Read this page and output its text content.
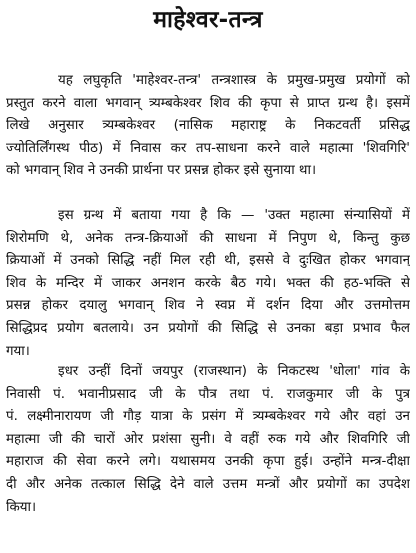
माहेश्वर-तन्त्र
यह लघुकृति 'माहेश्वर-तन्त्र' तन्त्रशास्त्र के प्रमुख-प्रमुख प्रयोगों को
प्रस्तुत करने वाला भगवान् त्र्यम्बकेश्वर शिव की कृपा से प्राप्त ग्रन्थ है। इसमें
लिखे अनुसार त्र्यम्बकेश्वर (नासिक महाराष्ट्र के निकटवर्ती प्रसिद्ध
ज्योतिर्लिंगस्थ पीठ) में निवास कर तप-साधना करने वाले महात्मा 'शिवगिरि'
को भगवान् शिव ने उनकी प्रार्थना पर प्रसन्न होकर इसे सुनाया था।
इस ग्रन्थ में बताया गया है कि — 'उक्त महात्मा संन्यासियों में
शिरोमणि थे, अनेक तन्त्र-क्रियाओं की साधना में निपुण थे, किन्तु कुछ
क्रियाओं में उनको सिद्धि नहीं मिल रही थी, इससे वे दुःखित होकर भगवान्
शिव के मन्दिर में जाकर अनशन करके बैठ गये। भक्त की हठ-भक्ति से
प्रसन्न होकर दयालु भगवान् शिव ने स्वप्न में दर्शन दिया और उत्तमोत्तम
सिद्धिप्रद प्रयोग बतलाये। उन प्रयोगों की सिद्धि से उनका बड़ा प्रभाव फैल
गया।
इधर उन्हीं दिनों जयपुर (राजस्थान) के निकटस्थ 'धोला' गांव के
निवासी पं. भवानीप्रसाद जी के पौत्र तथा पं. राजकुमार जी के पुत्र
पं. लक्ष्मीनारायण जी गौड़ यात्रा के प्रसंग में त्र्यम्बकेश्वर गये और वहां उन
महात्मा जी की चारों ओर प्रशंसा सुनी। वे वहीं रुक गये और शिवगिरि जी
महाराज की सेवा करने लगे। यथासमय उनकी कृपा हुई। उन्होंने मन्त्र-दीक्षा
दी और अनेक तत्काल सिद्धि देने वाले उत्तम मन्त्रों और प्रयोगों का उपदेश
किया।
